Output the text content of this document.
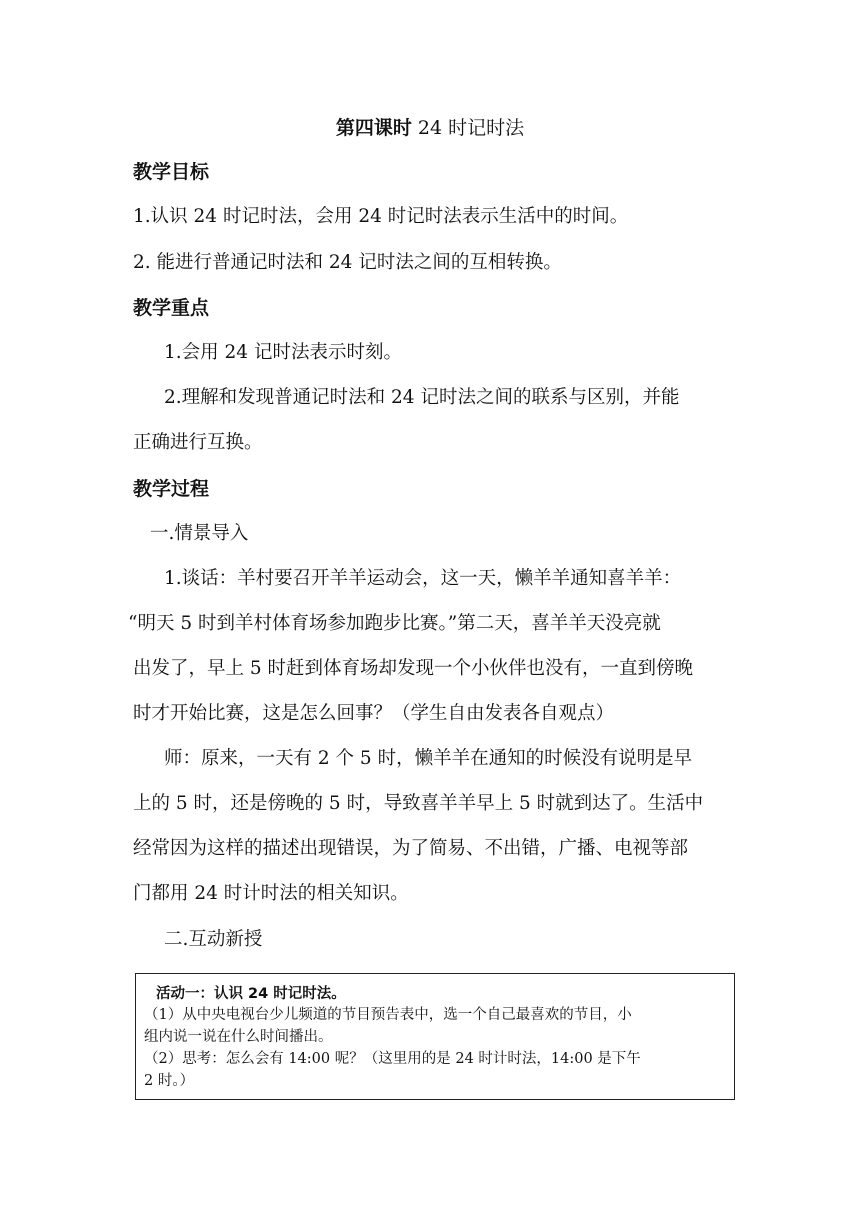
第四课时 24 时记时法
教学目标
1.认识 24 时记时法，会用 24 时记时法表示生活中的时间。
2. 能进行普通记时法和 24 记时法之间的互相转换。
教学重点
1.会用 24 记时法表示时刻。
2.理解和发现普通记时法和 24 记时法之间的联系与区别，并能
正确进行互换。
教学过程
一.情景导入
1.谈话：羊村要召开羊羊运动会，这一天，懒羊羊通知喜羊羊：
“明天 5 时到羊村体育场参加跑步比赛。”第二天，喜羊羊天没亮就
出发了，早上 5 时赶到体育场却发现一个小伙伴也没有，一直到傍晚
时才开始比赛，这是怎么回事？（学生自由发表各自观点）
师：原来，一天有 2 个 5 时，懒羊羊在通知的时候没有说明是早
上的 5 时，还是傍晚的 5 时，导致喜羊羊早上 5 时就到达了。生活中
经常因为这样的描述出现错误，为了简易、不出错，广播、电视等部
门都用 24 时计时法的相关知识。
二.互动新授
活动一：认识 24 时记时法。
（1）从中央电视台少儿频道的节目预告表中，选一个自己最喜欢的节目，小
组内说一说在什么时间播出。
（2）思考：怎么会有 14:00 呢？（这里用的是 24 时计时法，14:00 是下午
2 时。）
